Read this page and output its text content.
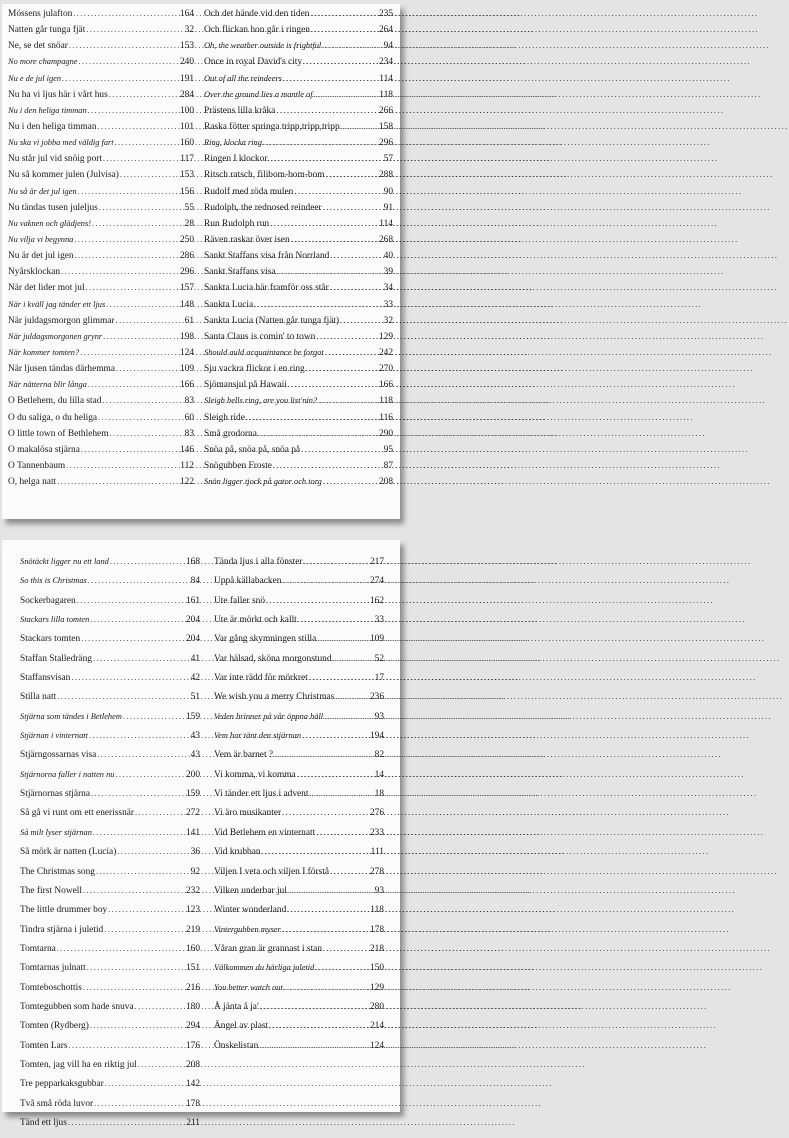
Mössens julafton .....	164
Natten går tunga fjät .....	32
Ne, se det snöar .....	153
No more champagne .....	240
Nu e de jul igen .....	191
Nu ha vi ljus här i vårt hus .....	284
Nu i den heliga timman .....	100
Nu i den heliga timman .....	101
Nu ska vi jobba med väldig fart .....	160
Nu står jul vid snöig port .....	117
Nu så kommer julen (Julvisa) .....	153
Nu så är det jul igen .....	156
Nu tändas tusen juleljus .....	55
Nu vaknen och glädjens! .....	28
Nu vilja vi begynna .....	250
Nu är det jul igen .....	286
Nyårsklockan .....	296
När det lider mot jul .....	157
När i kväll jag tänder ett ljus .....	148
När juldagsmorgon glimmar .....	61
När juldagsmorgonen grynr .....	198
När kommer tomten? .....	124
När ljusen tändas därhemma .....	109
När nätterna blir långa .....	166
O Betlehem, du lilla stad .....	83
O du saliga, o du heliga .....	60
O little town of Bethlehem .....	83
O makalösa stjärna .....	146
O Tannenbaum .....	112
O, helga natt .....	122
Och det hände vid den tiden .....	235
Och flickan hon går i ringen .....	264
Oh, the weather outside is frightful .....	94
Once in royal David's city .....	234
Out of all the reindeers .....	114
Over the ground lies a mantle of .....	118
Prästens lilla kråka .....	266
Raska fötter springa tripp,tripp,tripp .....	158
Ring, klocka ring .....	296
Ringen I klockor. .....	57
Ritsch ratsch, filibom-bom-bom .....	288
Rudolf med röda mulen .....	90
Rudolph, the rednosed reindeer .....	91
Run Rudolph run .....	114
Räven raskar över isen .....	268
Sankt Staffans visa från Norrland .....	40
Sankt Staffans visa .....	39
Sankta Lucia här framför oss står .....	34
Sankta Lucia .....	33
Sankta Lucia (Natten går tunga fjät) .....	32
Santa Claus is comin' to town .....	129
Should auld acquaintance be forgot .....	242
Sju vackra flickor i en ring .....	270
Sjömansjul på Hawaii .....	166
Sleigh bells ring, are you list'nin? .....	118
Sleigh ride .....	116
Små grodorna .....	290
Snöa på, snöa på, snöa på .....	95
Snögubben Froste .....	87
Snön ligger tjock på gator och torg .....	208
Snötäckt ligger nu ett land .....	168
So this is Christmas .....	84
Sockerbagaren .....	161
Stackars lilla tomten .....	204
Stackars tomten .....	204
Staffan Stalledräng .....	41
Staffansvisan .....	42
Stilla natt .....	51
Stjärna som tändes i Betlehem .....	159
Stjärnan i vinternatt .....	43
Stjärngossarnas visa .....	43
Stjärnorna faller i natten nu .....	200
Stjärnornas stjärna .....	159
Så gå vi runt om ett enerissnär .....	272
Så milt lyser stjärnan .....	141
Så mörk är natten (Lucia) .....	36
The Christmas song .....	92
The first Nowell .....	232
The little drummer boy .....	123
Tindra stjärna i juletid .....	219
Tomtarna .....	160
Tomtarnas julnatt .....	151
Tomteboschottis .....	216
Tomtegubben som hade snuva .....	180
Tomten (Rydberg) .....	294
Tomten Lars .....	176
Tomten, jag vill ha en riktig jul .....	208
Tre pepparkaksgubbar .....	142
Två små röda luvor .....	178
Tänd ett ljus .....	211
Tända ljus i alla fönster .....	217
Uppå källabacken .....	274
Ute faller snö .....	162
Ute är mörkt och kallt .....	33
Var gång skymningen stilla .....	109
Var hälsad, sköna morgonstund .....	52
Var inte rädd för mörkret .....	17
We wish you a merry Christmas .....	236
Veden brinner på vår öppna häll .....	93
Vem har tänt den stjärnan .....	194
Vem är barnet ? .....	82
Vi komma, vi komma .....	14
Vi tänder ett ljus i advent .....	18
Vi äro musikanter .....	276
Vid Betlehem en vinternatt .....	233
Vid krubban .....	111
Viljen I veta och viljen I förstå .....	278
Vilken underbar jul .....	93
Winter wonderland .....	118
Vintergubben myser .....	178
Våran gran är grannast i stan .....	218
Välkommen du härliga juletid .....	150
You better watch out .....	129
Å jänta å ja' .....	280
Ängel av plast .....	214
Önskelistan .....	124
